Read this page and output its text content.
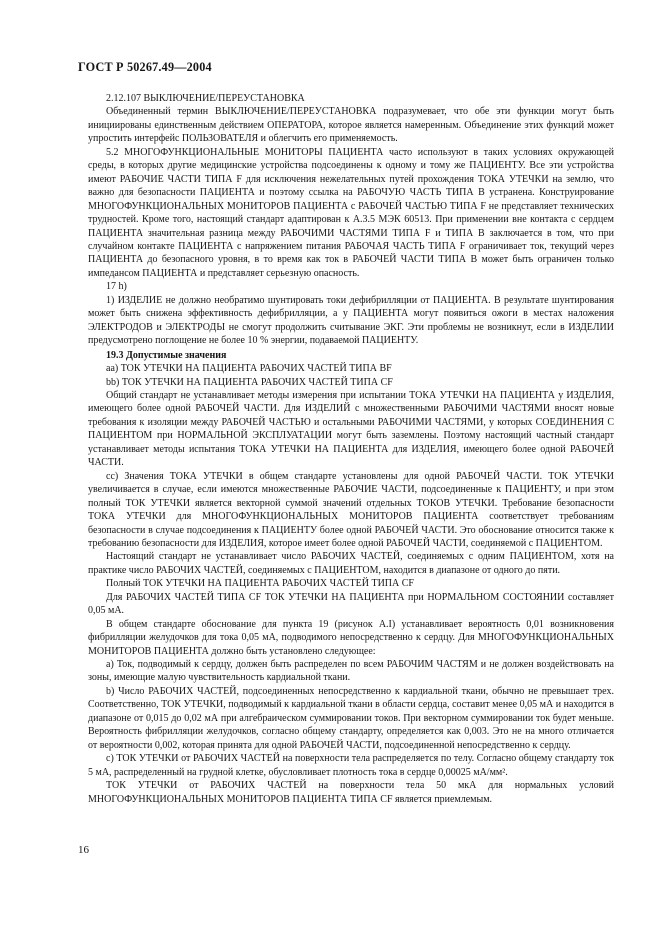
ГОСТ Р 50267.49—2004

2.12.107 ВЫКЛЮЧЕНИЕ/ПЕРЕУСТАНОВКА

Объединенный термин ВЫКЛЮЧЕНИЕ/ПЕРЕУСТАНОВКА подразумевает, что обе эти функции могут быть инициированы единственным действием ОПЕРАТОРА, которое является намеренным. Объединение этих функций может упростить интерфейс ПОЛЬЗОВАТЕЛЯ и облегчить его применяемость.

5.2 МНОГОФУНКЦИОНАЛЬНЫЕ МОНИТОРЫ ПАЦИЕНТА часто используют в таких условиях окружающей среды, в которых другие медицинские устройства подсоединены к одному и тому же ПАЦИЕНТУ. Все эти устройства имеют РАБОЧИЕ ЧАСТИ ТИПА F для исключения нежелательных путей прохождения ТОКА УТЕЧКИ на землю, что важно для безопасности ПАЦИЕНТА и поэтому ссылка на РАБОЧУЮ ЧАСТЬ ТИПА В устранена. Конструирование МНОГОФУНКЦИОНАЛЬНЫХ МОНИТОРОВ ПАЦИЕНТА с РАБОЧЕЙ ЧАСТЬЮ ТИПА F не представляет технических трудностей. Кроме того, настоящий стандарт адаптирован к А.3.5 МЭК 60513. При применении вне контакта с сердцем ПАЦИЕНТА значительная разница между РАБОЧИМИ ЧАСТЯМИ ТИПА F и ТИПА В заключается в том, что при случайном контакте ПАЦИЕНТА с напряжением питания РАБОЧАЯ ЧАСТЬ ТИПА F ограничивает ток, текущий через ПАЦИЕНТА до безопасного уровня, в то время как ток в РАБОЧЕЙ ЧАСТИ ТИПА В может быть ограничен только импедансом ПАЦИЕНТА и представляет серьезную опасность.

17 h)

1) ИЗДЕЛИЕ не должно необратимо шунтировать токи дефибрилляции от ПАЦИЕНТА. В результате шунтирования может быть снижена эффективность дефибрилляции, а у ПАЦИЕНТА могут появиться ожоги в местах наложения ЭЛЕКТРОДОВ и ЭЛЕКТРОДЫ не смогут продолжить считывание ЭКГ. Эти проблемы не возникнут, если в ИЗДЕЛИИ предусмотрено поглощение не более 10 % энергии, подаваемой ПАЦИЕНТУ.

19.3 Допустимые значения

аа) ТОК УТЕЧКИ НА ПАЦИЕНТА РАБОЧИХ ЧАСТЕЙ ТИПА BF

bb) ТОК УТЕЧКИ НА ПАЦИЕНТА РАБОЧИХ ЧАСТЕЙ ТИПА CF

Общий стандарт не устанавливает методы измерения при испытании ТОКА УТЕЧКИ НА ПАЦИЕНТА у ИЗДЕЛИЯ, имеющего более одной РАБОЧЕЙ ЧАСТИ. Для ИЗДЕЛИЙ с множественными РАБОЧИМИ ЧАСТЯМИ вносят новые требования к изоляции между РАБОЧЕЙ ЧАСТЬЮ и остальными РАБОЧИМИ ЧАСТЯМИ, у которых СОЕДИНЕНИЯ С ПАЦИЕНТОМ при НОРМАЛЬНОЙ ЭКСПЛУАТАЦИИ могут быть заземлены. Поэтому настоящий частный стандарт устанавливает методы испытания ТОКА УТЕЧКИ НА ПАЦИЕНТА для ИЗДЕЛИЯ, имеющего более одной РАБОЧЕЙ ЧАСТИ.

сс) Значения ТОКА УТЕЧКИ в общем стандарте установлены для одной РАБОЧЕЙ ЧАСТИ. ТОК УТЕЧКИ увеличивается в случае, если имеются множественные РАБОЧИЕ ЧАСТИ, подсоединенные к ПАЦИЕНТУ, и при этом полный ТОК УТЕЧКИ является векторной суммой значений отдельных ТОКОВ УТЕЧКИ. Требование безопасности ТОКА УТЕЧКИ для МНОГОФУНКЦИОНАЛЬНЫХ МОНИТОРОВ ПАЦИЕНТА соответствует требованиям безопасности в случае подсоединения к ПАЦИЕНТУ более одной РАБОЧЕЙ ЧАСТИ. Это обоснование относится также к требованию безопасности для ИЗДЕЛИЯ, которое имеет более одной РАБОЧЕЙ ЧАСТИ, соединяемой с ПАЦИЕНТОМ.

Настоящий стандарт не устанавливает число РАБОЧИХ ЧАСТЕЙ, соединяемых с одним ПАЦИЕНТОМ, хотя на практике число РАБОЧИХ ЧАСТЕЙ, соединяемых с ПАЦИЕНТОМ, находится в диапазоне от одного до пяти.

Полный ТОК УТЕЧКИ НА ПАЦИЕНТА РАБОЧИХ ЧАСТЕЙ ТИПА CF

Для РАБОЧИХ ЧАСТЕЙ ТИПА CF ТОК УТЕЧКИ НА ПАЦИЕНТА при НОРМАЛЬНОМ СОСТОЯНИИ составляет 0,05 мА.

В общем стандарте обоснование для пункта 19 (рисунок А.I) устанавливает вероятность 0,01 возникновения фибрилляции желудочков для тока 0,05 мА, подводимого непосредственно к сердцу. Для МНОГОФУНКЦИОНАЛЬНЫХ МОНИТОРОВ ПАЦИЕНТА должно быть установлено следующее:

а) Ток, подводимый к сердцу, должен быть распределен по всем РАБОЧИМ ЧАСТЯМ и не должен воздействовать на зоны, имеющие малую чувствительность кардиальной ткани.

b) Число РАБОЧИХ ЧАСТЕЙ, подсоединенных непосредственно к кардиальной ткани, обычно не превышает трех. Соответственно, ТОК УТЕЧКИ, подводимый к кардиальной ткани в области сердца, составит менее 0,05 мА и находится в диапазоне от 0,015 до 0,02 мА при алгебраическом суммировании токов. При векторном суммировании ток будет меньше. Вероятность фибрилляции желудочков, согласно общему стандарту, определяется как 0,003. Это не на много отличается от вероятности 0,002, которая принята для одной РАБОЧЕЙ ЧАСТИ, подсоединенной непосредственно к сердцу.

с) ТОК УТЕЧКИ от РАБОЧИХ ЧАСТЕЙ на поверхности тела распределяется по телу. Согласно общему стандарту ток 5 мА, распределенный на грудной клетке, обусловливает плотность тока в сердце 0,00025 мА/мм².

ТОК УТЕЧКИ от РАБОЧИХ ЧАСТЕЙ на поверхности тела 50 мкА для нормальных условий МНОГОФУНКЦИОНАЛЬНЫХ МОНИТОРОВ ПАЦИЕНТА ТИПА CF является приемлемым.

16
